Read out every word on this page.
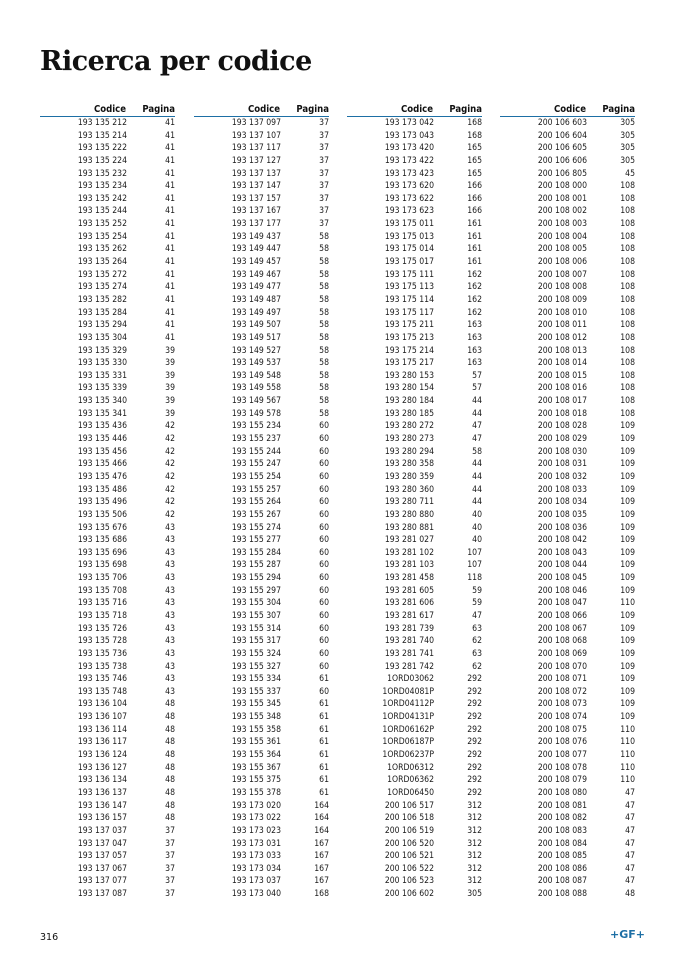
Ricerca per codice
Codice	Pagina
193 135 212	41
193 135 214	41
193 135 222	41
193 135 224	41
193 135 232	41
193 135 234	41
193 135 242	41
193 135 244	41
193 135 252	41
193 135 254	41
193 135 262	41
193 135 264	41
193 135 272	41
193 135 274	41
193 135 282	41
193 135 284	41
193 135 294	41
193 135 304	41
193 135 329	39
193 135 330	39
193 135 331	39
193 135 339	39
193 135 340	39
193 135 341	39
193 135 436	42
193 135 446	42
193 135 456	42
193 135 466	42
193 135 476	42
193 135 486	42
193 135 496	42
193 135 506	42
193 135 676	43
193 135 686	43
193 135 696	43
193 135 698	43
193 135 706	43
193 135 708	43
193 135 716	43
193 135 718	43
193 135 726	43
193 135 728	43
193 135 736	43
193 135 738	43
193 135 746	43
193 135 748	43
193 136 104	48
193 136 107	48
193 136 114	48
193 136 117	48
193 136 124	48
193 136 127	48
193 136 134	48
193 136 137	48
193 136 147	48
193 136 157	48
193 137 037	37
193 137 047	37
193 137 057	37
193 137 067	37
193 137 077	37
193 137 087	37
Codice	Pagina
193 137 097	37
193 137 107	37
193 137 117	37
193 137 127	37
193 137 137	37
193 137 147	37
193 137 157	37
193 137 167	37
193 137 177	37
193 149 437	58
193 149 447	58
193 149 457	58
193 149 467	58
193 149 477	58
193 149 487	58
193 149 497	58
193 149 507	58
193 149 517	58
193 149 527	58
193 149 537	58
193 149 548	58
193 149 558	58
193 149 567	58
193 149 578	58
193 155 234	60
193 155 237	60
193 155 244	60
193 155 247	60
193 155 254	60
193 155 257	60
193 155 264	60
193 155 267	60
193 155 274	60
193 155 277	60
193 155 284	60
193 155 287	60
193 155 294	60
193 155 297	60
193 155 304	60
193 155 307	60
193 155 314	60
193 155 317	60
193 155 324	60
193 155 327	60
193 155 334	61
193 155 337	60
193 155 345	61
193 155 348	61
193 155 358	61
193 155 361	61
193 155 364	61
193 155 367	61
193 155 375	61
193 155 378	61
193 173 020	164
193 173 022	164
193 173 023	164
193 173 031	167
193 173 033	167
193 173 034	167
193 173 037	167
193 173 040	168
Codice	Pagina
193 173 042	168
193 173 043	168
193 173 420	165
193 173 422	165
193 173 423	165
193 173 620	166
193 173 622	166
193 173 623	166
193 175 011	161
193 175 013	161
193 175 014	161
193 175 017	161
193 175 111	162
193 175 113	162
193 175 114	162
193 175 117	162
193 175 211	163
193 175 213	163
193 175 214	163
193 175 217	163
193 280 153	57
193 280 154	57
193 280 184	44
193 280 185	44
193 280 272	47
193 280 273	47
193 280 294	58
193 280 358	44
193 280 359	44
193 280 360	44
193 280 711	44
193 280 880	40
193 280 881	40
193 281 027	40
193 281 102	107
193 281 103	107
193 281 458	118
193 281 605	59
193 281 606	59
193 281 617	47
193 281 739	63
193 281 740	62
193 281 741	63
193 281 742	62
1ORD03062	292
1ORD04081P	292
1ORD04112P	292
1ORD04131P	292
1ORD06162P	292
1ORD06187P	292
1ORD06237P	292
1ORD06312	292
1ORD06362	292
1ORD06450	292
200 106 517	312
200 106 518	312
200 106 519	312
200 106 520	312
200 106 521	312
200 106 522	312
200 106 523	312
200 106 602	305
Codice	Pagina
200 106 603	305
200 106 604	305
200 106 605	305
200 106 606	305
200 106 805	45
200 108 000	108
200 108 001	108
200 108 002	108
200 108 003	108
200 108 004	108
200 108 005	108
200 108 006	108
200 108 007	108
200 108 008	108
200 108 009	108
200 108 010	108
200 108 011	108
200 108 012	108
200 108 013	108
200 108 014	108
200 108 015	108
200 108 016	108
200 108 017	108
200 108 018	108
200 108 028	109
200 108 029	109
200 108 030	109
200 108 031	109
200 108 032	109
200 108 033	109
200 108 034	109
200 108 035	109
200 108 036	109
200 108 042	109
200 108 043	109
200 108 044	109
200 108 045	109
200 108 046	109
200 108 047	110
200 108 066	109
200 108 067	109
200 108 068	109
200 108 069	109
200 108 070	109
200 108 071	109
200 108 072	109
200 108 073	109
200 108 074	109
200 108 075	110
200 108 076	110
200 108 077	110
200 108 078	110
200 108 079	110
200 108 080	47
200 108 081	47
200 108 082	47
200 108 083	47
200 108 084	47
200 108 085	47
200 108 086	47
200 108 087	47
200 108 088	48
316	+GF+
